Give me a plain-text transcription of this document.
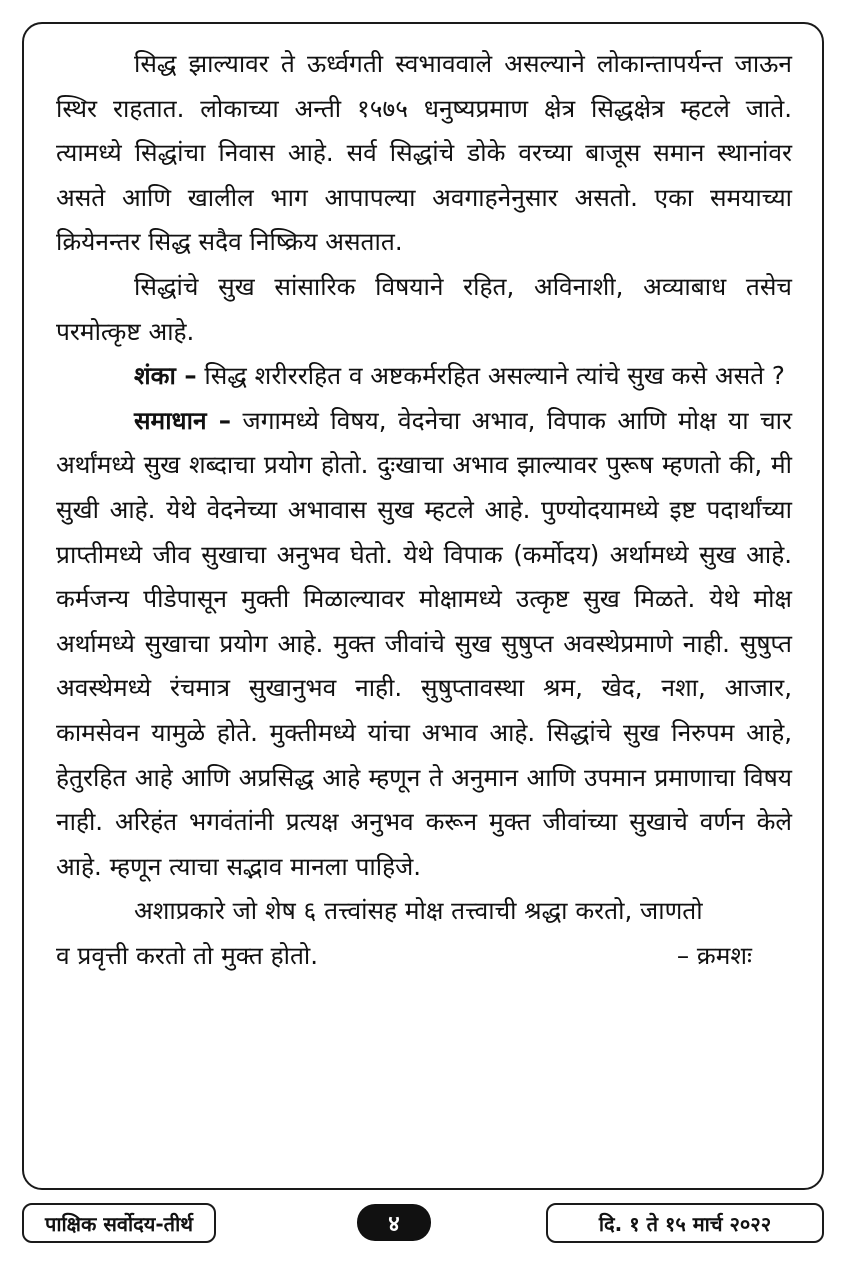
सिद्ध झाल्यावर ते ऊर्ध्वगती स्वभाववाले असल्याने लोकान्तापर्यन्त जाऊन स्थिर राहतात. लोकाच्या अन्ती १५७५ धनुष्यप्रमाण क्षेत्र सिद्धक्षेत्र म्हटले जाते. त्यामध्ये सिद्धांचा निवास आहे. सर्व सिद्धांचे डोके वरच्या बाजूस समान स्थानांवर असते आणि खालील भाग आपापल्या अवगाहनेनुसार असतो. एका समयाच्या क्रियेनन्तर सिद्ध सदैव निष्क्रिय असतात.

सिद्धांचे सुख सांसारिक विषयाने रहित, अविनाशी, अव्याबाध तसेच परमोत्कृष्ट आहे.

शंका – सिद्ध शरीररहित व अष्टकर्मरहित असल्याने त्यांचे सुख कसे असते ?

समाधान – जगामध्ये विषय, वेदनेचा अभाव, विपाक आणि मोक्ष या चार अर्थांमध्ये सुख शब्दाचा प्रयोग होतो. दुःखाचा अभाव झाल्यावर पुरूष म्हणतो की, मी सुखी आहे. येथे वेदनेच्या अभावास सुख म्हटले आहे. पुण्योदयामध्ये इष्ट पदार्थांच्या प्राप्तीमध्ये जीव सुखाचा अनुभव घेतो. येथे विपाक (कर्मोदय) अर्थामध्ये सुख आहे. कर्मजन्य पीडेपासून मुक्ती मिळाल्यावर मोक्षामध्ये उत्कृष्ट सुख मिळते. येथे मोक्ष अर्थामध्ये सुखाचा प्रयोग आहे. मुक्त जीवांचे सुख सुषुप्त अवस्थेप्रमाणे नाही. सुषुप्त अवस्थेमध्ये रंचमात्र सुखानुभव नाही. सुषुप्तावस्था श्रम, खेद, नशा, आजार, कामसेवन यामुळे होते. मुक्तीमध्ये यांचा अभाव आहे. सिद्धांचे सुख निरुपम आहे, हेतुरहित आहे आणि अप्रसिद्ध आहे म्हणून ते अनुमान आणि उपमान प्रमाणाचा विषय नाही. अरिहंत भगवंतांनी प्रत्यक्ष अनुभव करून मुक्त जीवांच्या सुखाचे वर्णन केले आहे. म्हणून त्याचा सद्भाव मानला पाहिजे.

अशाप्रकारे जो शेष ६ तत्त्वांसह मोक्ष तत्त्वाची श्रद्धा करतो, जाणतो

व प्रवृत्ती करतो तो मुक्त होतो.	– क्रमशः

पाक्षिक सर्वोदय-तीर्थ	४	दि. १ ते १५ मार्च २०२२
